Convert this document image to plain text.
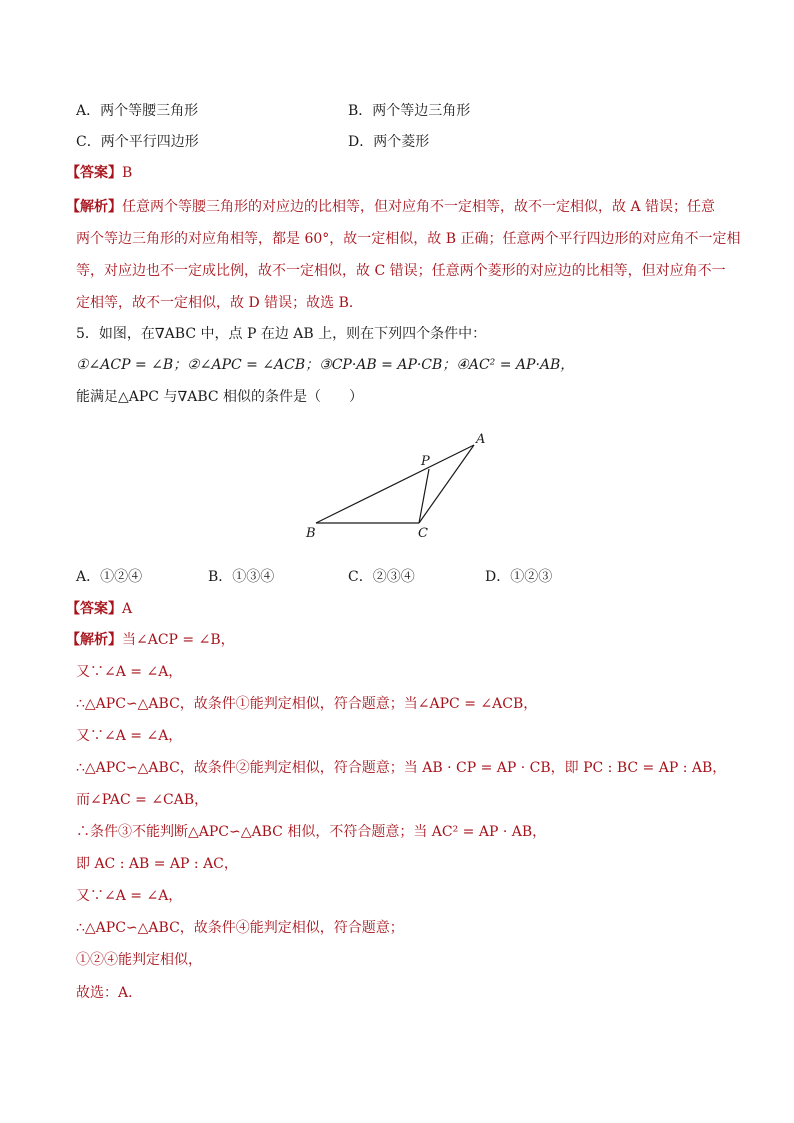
A．两个等腰三角形	B．两个等边三角形
C．两个平行四边形	D．两个菱形
【答案】B
【解析】任意两个等腰三角形的对应边的比相等，但对应角不一定相等，故不一定相似，故 A 错误；任意
两个等边三角形的对应角相等，都是 60°，故一定相似，故 B 正确；任意两个平行四边形的对应角不一定相
等，对应边也不一定成比例，故不一定相似，故 C 错误；任意两个菱形的对应边的比相等，但对应角不一
定相等，故不一定相似，故 D 错误；故选 B．
5．如图，在∇ABC 中，点 P 在边 AB 上，则在下列四个条件中：
①∠ACP = ∠B；②∠APC = ∠ACB；③CP·AB = AP·CB；④AC² = AP·AB，
能满足△APC 与∇ABC 相似的条件是（　　）
A
P
B	C
A．①②④	B．①③④	C．②③④	D．①②③
【答案】A
【解析】当∠ACP = ∠B，
又∵∠A = ∠A，
∴△APC∽△ABC，故条件①能判定相似，符合题意；当∠APC = ∠ACB，
又∵∠A = ∠A，
∴△APC∽△ABC，故条件②能判定相似，符合题意；当 AB · CP = AP · CB，即 PC : BC = AP : AB，
而∠PAC = ∠CAB，
∴条件③不能判断△APC∽△ABC 相似，不符合题意；当 AC² = AP · AB，
即 AC : AB = AP : AC，
又∵∠A = ∠A，
∴△APC∽△ABC，故条件④能判定相似，符合题意；
①②④能判定相似，
故选：A．
